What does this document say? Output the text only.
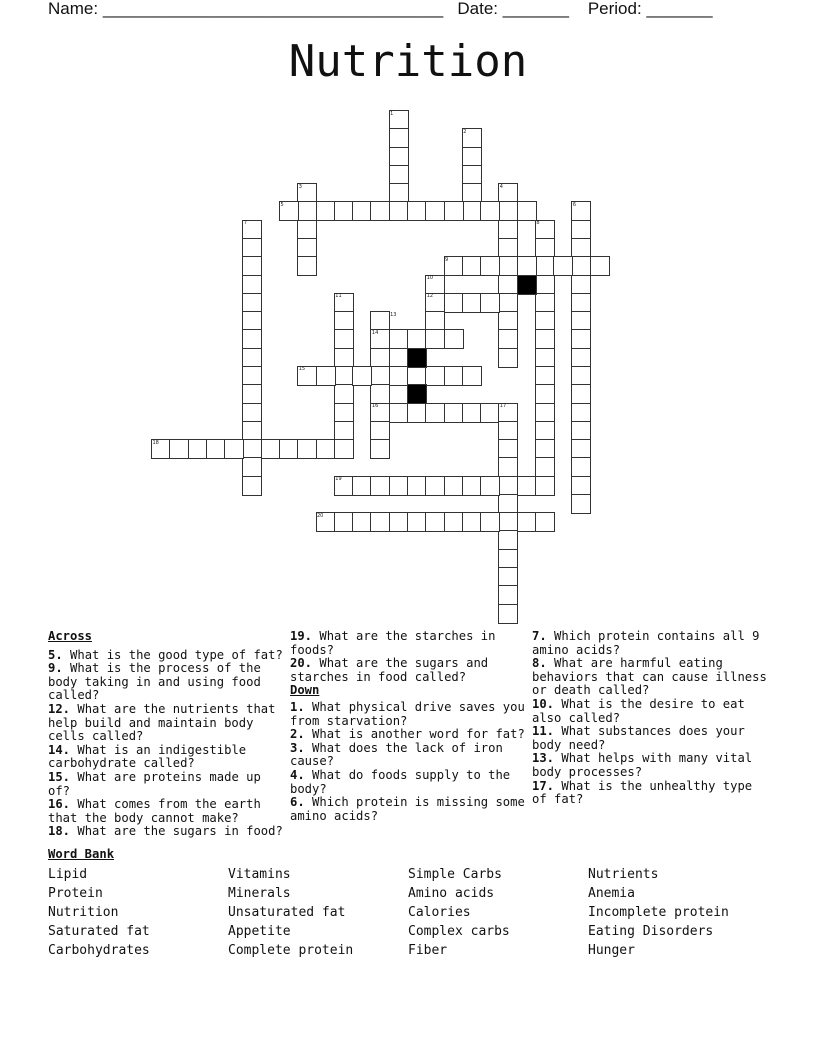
Name: ____________________________________ Date: _______ Period: _______
Nutrition
1
2
3	4
5	6
7	8
9
10
11	12
13
14
15
16	17
18
19
20
Across
5. What is the good type of fat?
9. What is the process of the body taking in and using food called?
12. What are the nutrients that help build and maintain body cells called?
14. What is an indigestible carbohydrate called?
15. What are proteins made up of?
16. What comes from the earth that the body cannot make?
18. What are the sugars in food?
19. What are the starches in foods?
20. What are the sugars and starches in food called?
Down
1. What physical drive saves you from starvation?
2. What is another word for fat?
3. What does the lack of iron cause?
4. What do foods supply to the body?
6. Which protein is missing some amino acids?
7. Which protein contains all 9 amino acids?
8. What are harmful eating behaviors that can cause illness or death called?
10. What is the desire to eat also called?
11. What substances does your body need?
13. What helps with many vital body processes?
17. What is the unhealthy type of fat?
Word Bank
Lipid
Protein
Nutrition
Saturated fat
Carbohydrates
Vitamins
Minerals
Unsaturated fat
Appetite
Complete protein
Simple Carbs
Amino acids
Calories
Complex carbs
Fiber
Nutrients
Anemia
Incomplete protein
Eating Disorders
Hunger
